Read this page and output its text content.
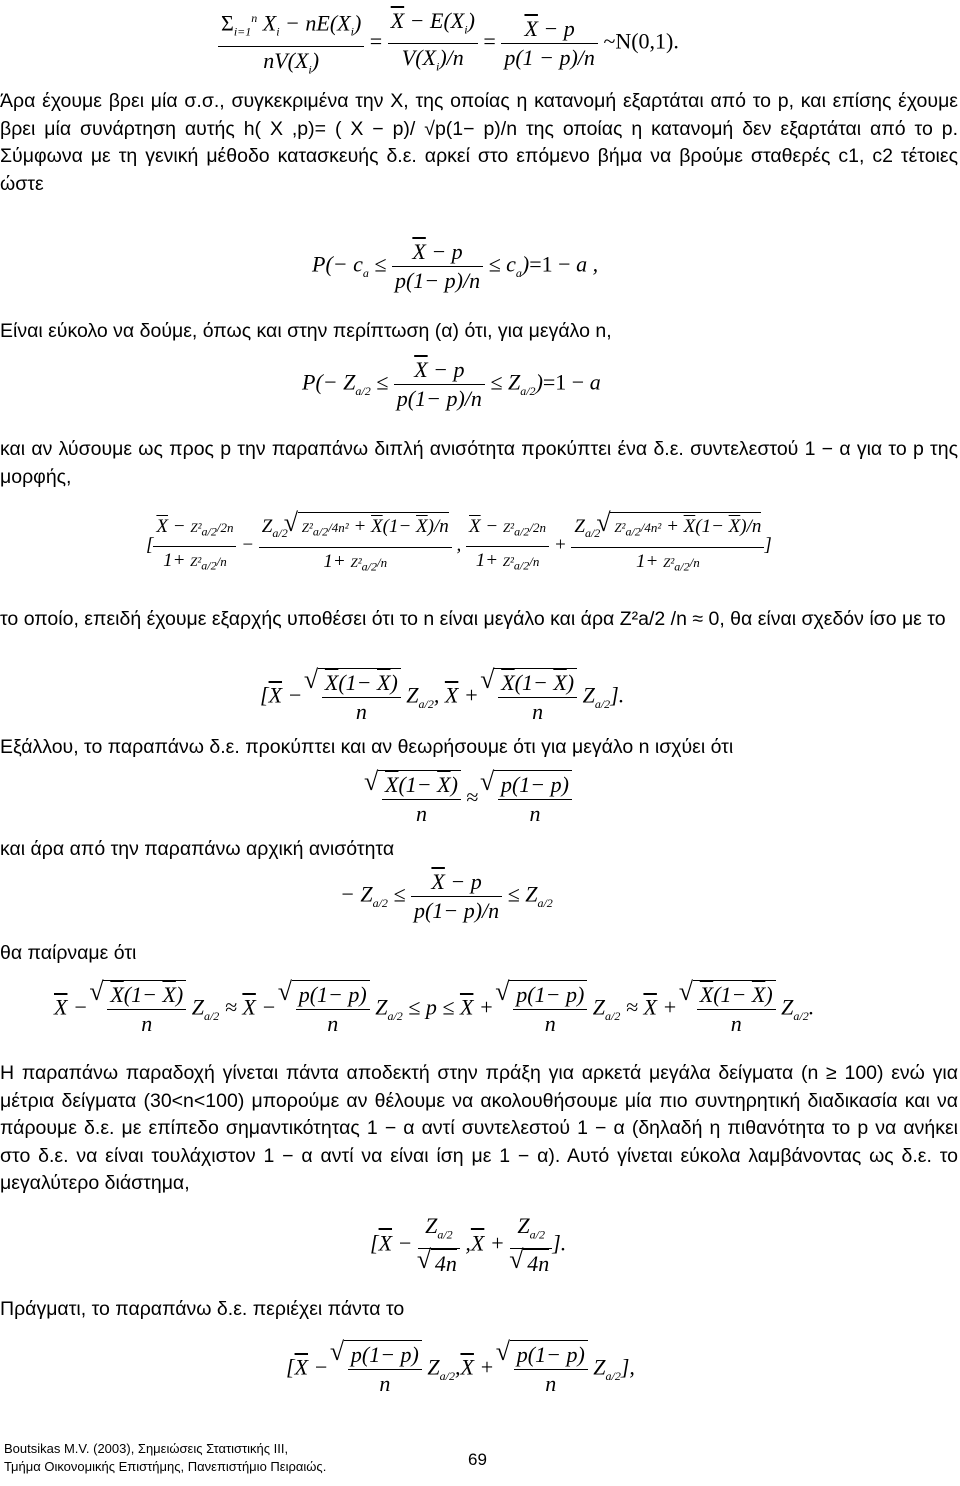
$\frac{\Sigma_{i=1}^n X_i - nE(X_i)}{nV(X_i)} = \frac{\overline{X} - E(X_i)}{V(X_i)/n} = \frac{\overline{X} - p}{p(1 - p)/n}$ ~N(0,1).
Άρα έχουμε βρει μία σ.σ., συγκεκριμένα την X, της οποίας η κατανομή εξαρτάται από το p, και επίσης έχουμε βρει μία συνάρτηση αυτής h( X ,p)= ( X − p)/ √p(1− p)/n της οποίας η κατανομή δεν εξαρτάται από το p. Σύμφωνα με τη γενική μέθοδο κατασκευής δ.ε. αρκεί στο επόμενο βήμα να βρούμε σταθερές c1, c2 τέτοιες ώστε
$P(- c_a \le \frac{\overline{X} - p}{p(1- p)/n} \le c_a)=1 - a$ ,
Είναι εύκολο να δούμε, όπως και στην περίπτωση (α) ότι, για μεγάλο n,
$P(- Z_{a/2} \le \frac{\overline{X} - p}{p(1- p)/n} \le Z_{a/2})=1 - a$
και αν λύσουμε ως προς p την παραπάνω διπλή ανισότητα προκύπτει ένα δ.ε. συντελεστού 1 − α για το p της μορφής,
[ $\frac{\overline{X} - Z^2_{a/2}/2n}{1+ Z^2_{a/2}/n} - \frac{Z_{a/2} √ Z^2_{a/2}/4n^2 + \overline{X}(1- \overline{X})/n}{1+ Z^2_{a/2}/n}$ , $\frac{\overline{X} - Z^2_{a/2}/2n}{1+ Z^2_{a/2}/n} + \frac{Z_{a/2} √ Z^2_{a/2}/4n^2 + \overline{X}(1- \overline{X})/n}{1+ Z^2_{a/2}/n}$ ]
το οποίο, επειδή έχουμε εξαρχής υποθέσει ότι το n είναι μεγάλο και άρα Z²a/2 /n ≈ 0, θα είναι σχεδόν ίσο με το
[$\overline{X}$ − √ $\frac{\overline{X}(1- \overline{X})}{n} Z_{a/2}$, $\overline{X}$ + √ $\frac{\overline{X}(1- \overline{X})}{n} Z_{a/2}$].
Εξάλλου, το παραπάνω δ.ε. προκύπτει και αν θεωρήσουμε ότι για μεγάλο n ισχύει ότι
√ $\frac{\overline{X}(1- \overline{X})}{n}$ ≈ √ $\frac{p(1- p)}{n}$
και άρα από την παραπάνω αρχική ανισότητα
− $Z_{a/2} \le \frac{\overline{X} - p}{p(1- p)/n} \le Z_{a/2}$
θα παίρναμε ότι
$\overline{X}$ − √ $\frac{\overline{X}(1- \overline{X})}{n} Z_{a/2} \approx \overline{X}$ − √ $\frac{p(1- p)}{n} Z_{a/2} \le p \le \overline{X}$ + √ $\frac{p(1- p)}{n} Z_{a/2} \approx \overline{X}$ + √ $\frac{\overline{X}(1- \overline{X})}{n} Z_{a/2}$.
Η παραπάνω παραδοχή γίνεται πάντα αποδεκτή στην πράξη για αρκετά μεγάλα δείγματα (n ≥ 100) ενώ για μέτρια δείγματα (30<n<100) μπορούμε αν θέλουμε να ακολουθήσουμε μία πιο συντηρητική διαδικασία και να πάρουμε δ.ε. με επίπεδο σημαντικότητας 1 − α αντί συντελεστού 1 − α (δηλαδή η πιθανότητα το p να ανήκει στο δ.ε. να είναι τουλάχιστον 1 − α αντί να είναι ίση με 1 − α). Αυτό γίνεται εύκολα λαμβάνοντας ως δ.ε. το μεγαλύτερο διάστημα,
[$\overline{X} - Z_{a/2}$
√ 4n $,\overline{X} + Z_{a/2}$
√ 4n ].
Πράγματι, το παραπάνω δ.ε. περιέχει πάντα το
[$\overline{X}$ − √ $\frac{p(1- p)}{n} Z_{a/2},\overline{X}$ + √ $\frac{p(1- p)}{n} Z_{a/2}$],
Boutsikas M.V. (2003), Σημειώσεις Στατιστικής ΙΙΙ,
Τμήμα Οικονομικής Επιστήμης, Πανεπιστήμιο Πειραιώς.	69
